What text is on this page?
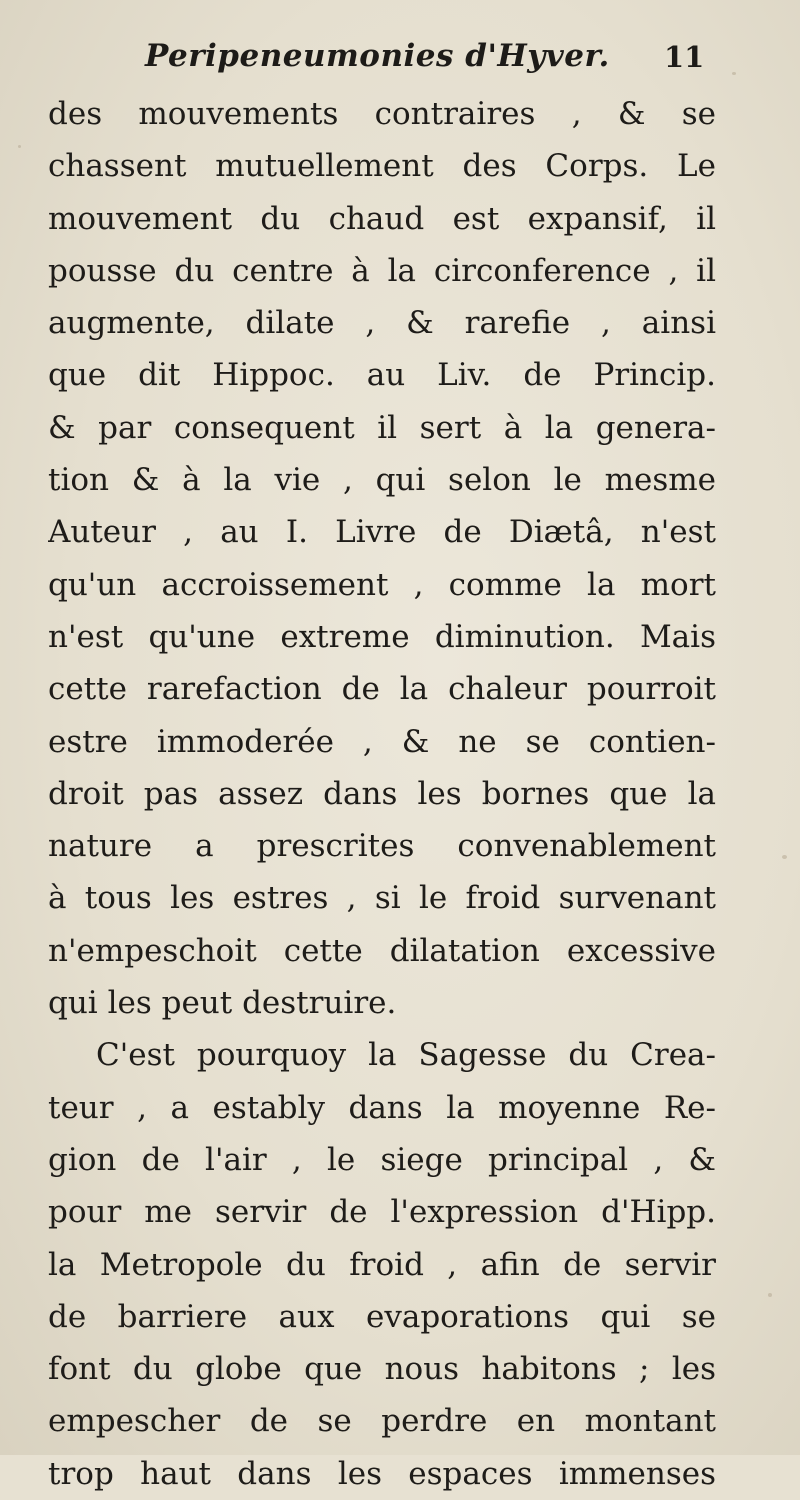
Peripeneumonies d'Hyver. 11
des mouvements contraires , & se
chassent mutuellement des Corps. Le
mouvement du chaud est expansif, il
pousse du centre à la circonference , il
augmente, dilate , & rarefie , ainsi
que dit Hippoc. au Liv. de Princip.
& par consequent il sert à la genera-
tion & à la vie , qui selon le mesme
Auteur , au I. Livre de Diætâ, n'est
qu'un accroissement , comme la mort
n'est qu'une extreme diminution. Mais
cette rarefaction de la chaleur pourroit
estre immoderée , & ne se contien-
droit pas assez dans les bornes que la
nature a prescrites convenablement
à tous les estres , si le froid survenant
n'empeschoit cette dilatation excessive
qui les peut destruire.
C'est pourquoy la Sagesse du Crea-
teur , a estably dans la moyenne Re-
gion de l'air , le siege principal , &
pour me servir de l'expression d'Hipp.
la Metropole du froid , afin de servir
de barriere aux evaporations qui se
font du globe que nous habitons ; les
empescher de se perdre en montant
trop haut dans les espaces immenses
